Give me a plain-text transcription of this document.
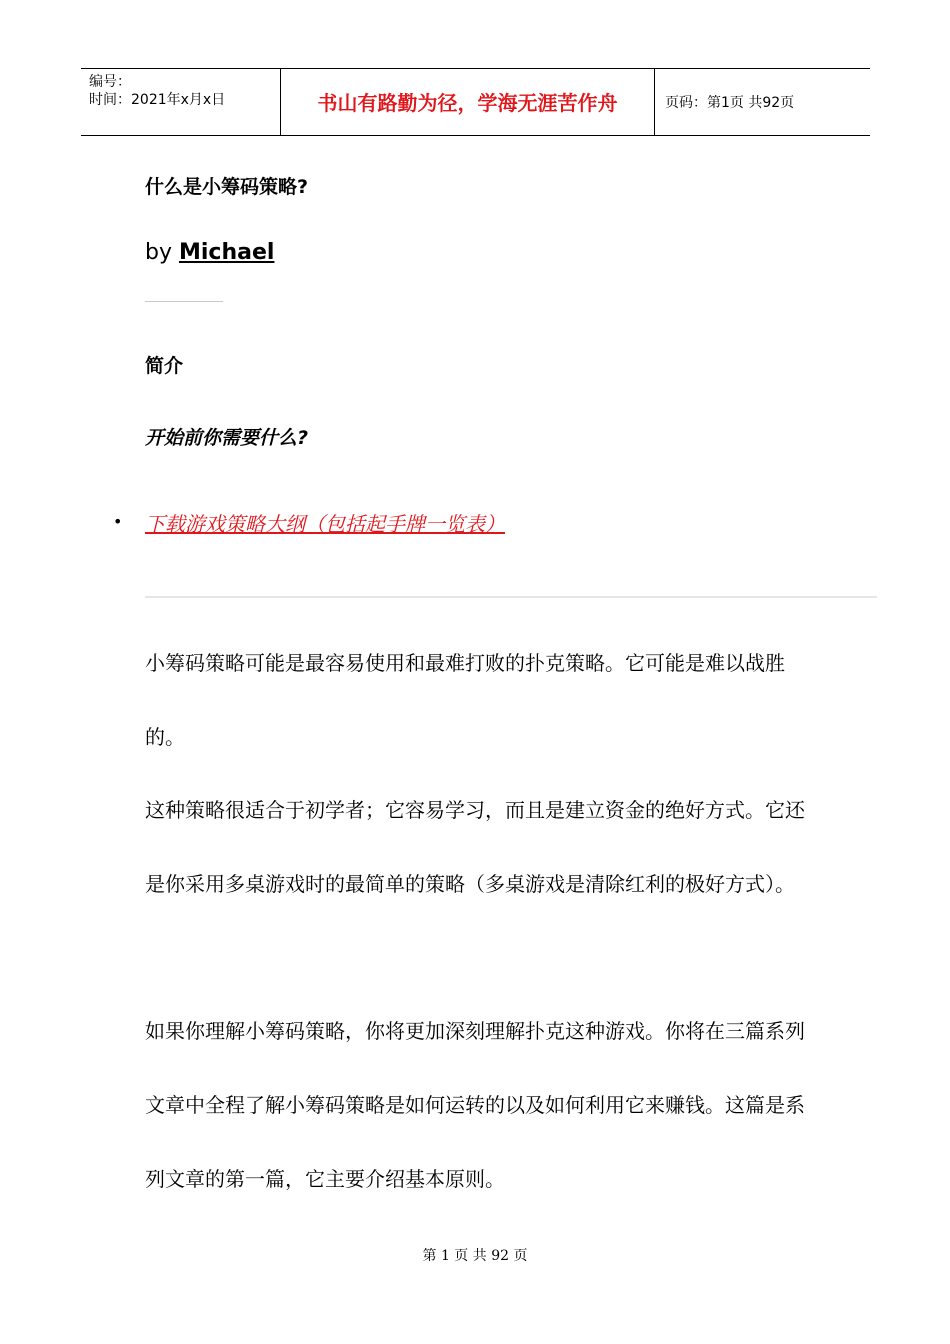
编号：
时间：2021年x月x日	书山有路勤为径，学海无涯苦作舟	页码：第1页 共92页
什么是小筹码策略?
by Michael
简介
开始前你需要什么?
• 下载游戏策略大纲（包括起手牌一览表）
小筹码策略可能是最容易使用和最难打败的扑克策略。它可能是难以战胜的。
这种策略很适合于初学者；它容易学习，而且是建立资金的绝好方式。它还是你采用多桌游戏时的最简单的策略（多桌游戏是清除红利的极好方式）。
如果你理解小筹码策略，你将更加深刻理解扑克这种游戏。你将在三篇系列文章中全程了解小筹码策略是如何运转的以及如何利用它来赚钱。这篇是系列文章的第一篇，它主要介绍基本原则。
第 1 页 共 92 页
